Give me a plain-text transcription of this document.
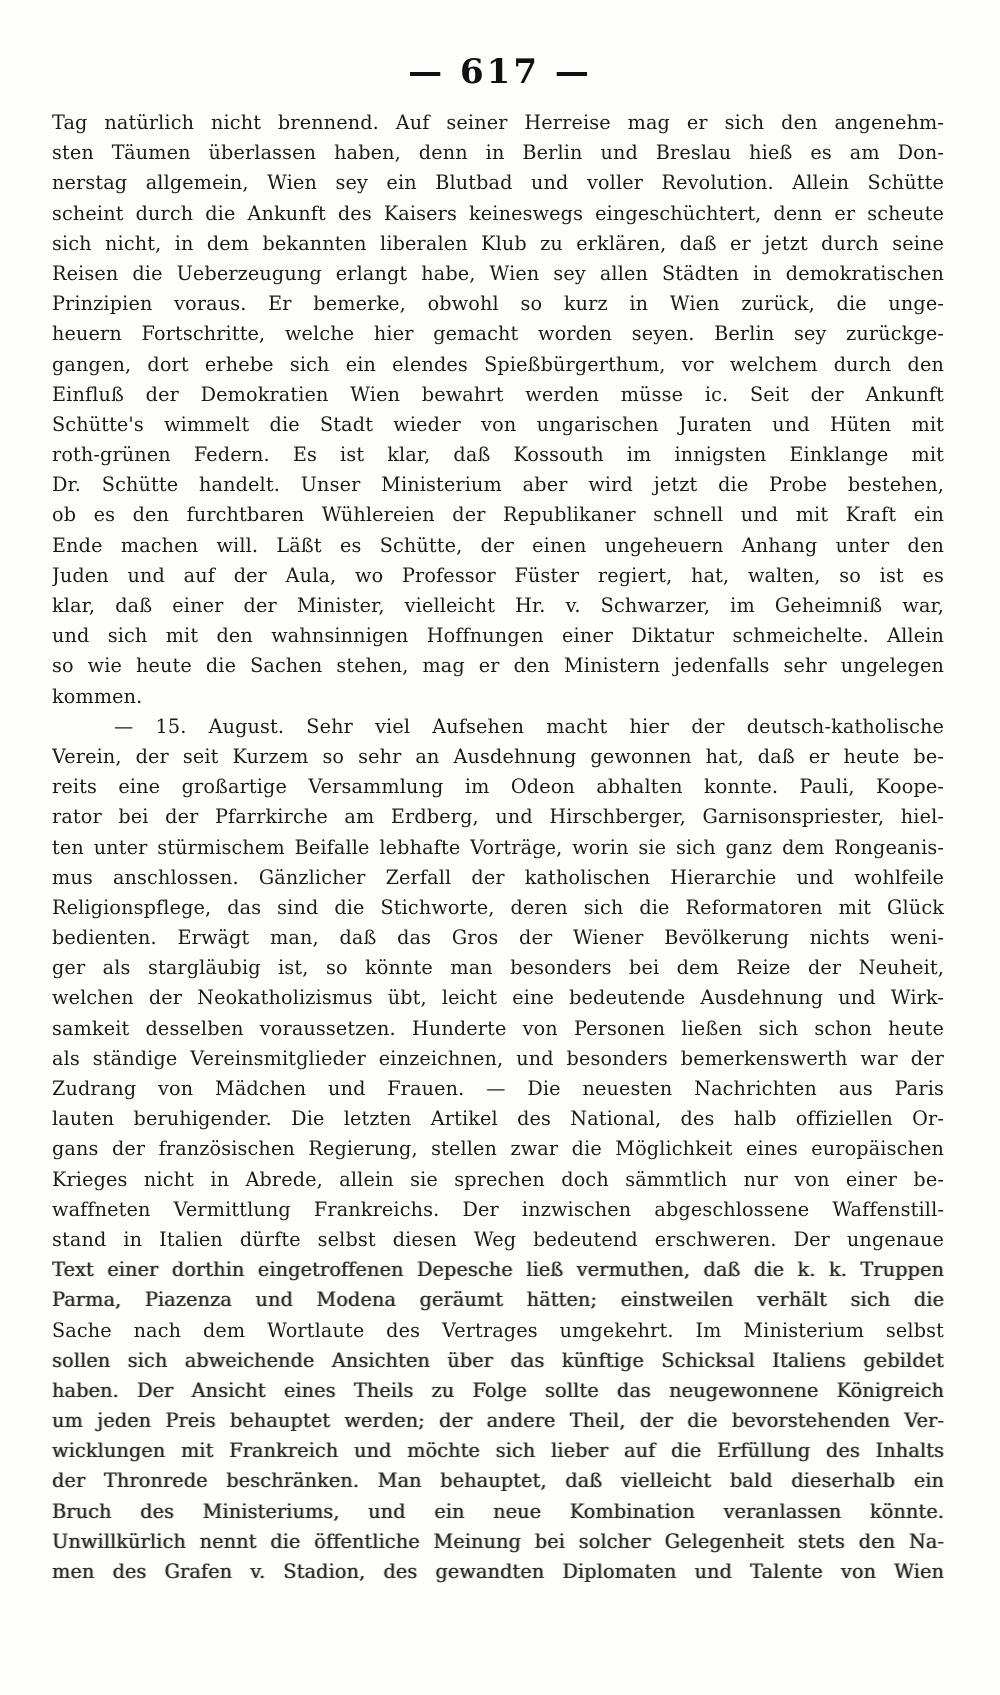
— 617 —
Tag natürlich nicht brennend. Auf seiner Herreise mag er sich den angenehm-
sten Täumen überlassen haben, denn in Berlin und Breslau hieß es am Don-
nerstag allgemein, Wien sey ein Blutbad und voller Revolution. Allein Schütte
scheint durch die Ankunft des Kaisers keineswegs eingeschüchtert, denn er scheute
sich nicht, in dem bekannten liberalen Klub zu erklären, daß er jetzt durch seine
Reisen die Ueberzeugung erlangt habe, Wien sey allen Städten in demokratischen
Prinzipien voraus. Er bemerke, obwohl so kurz in Wien zurück, die unge-
heuern Fortschritte, welche hier gemacht worden seyen. Berlin sey zurückge-
gangen, dort erhebe sich ein elendes Spießbürgerthum, vor welchem durch den
Einfluß der Demokratien Wien bewahrt werden müsse ic. Seit der Ankunft
Schütte's wimmelt die Stadt wieder von ungarischen Juraten und Hüten mit
roth-grünen Federn. Es ist klar, daß Kossouth im innigsten Einklange mit
Dr. Schütte handelt. Unser Ministerium aber wird jetzt die Probe bestehen,
ob es den furchtbaren Wühlereien der Republikaner schnell und mit Kraft ein
Ende machen will. Läßt es Schütte, der einen ungeheuern Anhang unter den
Juden und auf der Aula, wo Professor Füster regiert, hat, walten, so ist es
klar, daß einer der Minister, vielleicht Hr. v. Schwarzer, im Geheimniß war,
und sich mit den wahnsinnigen Hoffnungen einer Diktatur schmeichelte. Allein
so wie heute die Sachen stehen, mag er den Ministern jedenfalls sehr ungelegen
kommen.
— 15. August. Sehr viel Aufsehen macht hier der deutsch-katholische
Verein, der seit Kurzem so sehr an Ausdehnung gewonnen hat, daß er heute be-
reits eine großartige Versammlung im Odeon abhalten konnte. Pauli, Koope-
rator bei der Pfarrkirche am Erdberg, und Hirschberger, Garnisonspriester, hiel-
ten unter stürmischem Beifalle lebhafte Vorträge, worin sie sich ganz dem Rongeanis-
mus anschlossen. Gänzlicher Zerfall der katholischen Hierarchie und wohlfeile
Religionspflege, das sind die Stichworte, deren sich die Reformatoren mit Glück
bedienten. Erwägt man, daß das Gros der Wiener Bevölkerung nichts weni-
ger als stargläubig ist, so könnte man besonders bei dem Reize der Neuheit,
welchen der Neokatholizismus übt, leicht eine bedeutende Ausdehnung und Wirk-
samkeit desselben voraussetzen. Hunderte von Personen ließen sich schon heute
als ständige Vereinsmitglieder einzeichnen, und besonders bemerkenswerth war der
Zudrang von Mädchen und Frauen. — Die neuesten Nachrichten aus Paris
lauten beruhigender. Die letzten Artikel des National, des halb offiziellen Or-
gans der französischen Regierung, stellen zwar die Möglichkeit eines europäischen
Krieges nicht in Abrede, allein sie sprechen doch sämmtlich nur von einer be-
waffneten Vermittlung Frankreichs. Der inzwischen abgeschlossene Waffenstill-
stand in Italien dürfte selbst diesen Weg bedeutend erschweren. Der ungenaue
Text einer dorthin eingetroffenen Depesche ließ vermuthen, daß die k. k. Truppen
Parma, Piazenza und Modena geräumt hätten; einstweilen verhält sich die
Sache nach dem Wortlaute des Vertrages umgekehrt. Im Ministerium selbst
sollen sich abweichende Ansichten über das künftige Schicksal Italiens gebildet
haben. Der Ansicht eines Theils zu Folge sollte das neugewonnene Königreich
um jeden Preis behauptet werden; der andere Theil, der die bevorstehenden Ver-
wicklungen mit Frankreich und möchte sich lieber auf die Erfüllung des Inhalts
der Thronrede beschränken. Man behauptet, daß vielleicht bald dieserhalb ein
Bruch des Ministeriums, und ein neue Kombination veranlassen könnte.
Unwillkürlich nennt die öffentliche Meinung bei solcher Gelegenheit stets den Na-
men des Grafen v. Stadion, des gewandten Diplomaten und Talente von Wien
